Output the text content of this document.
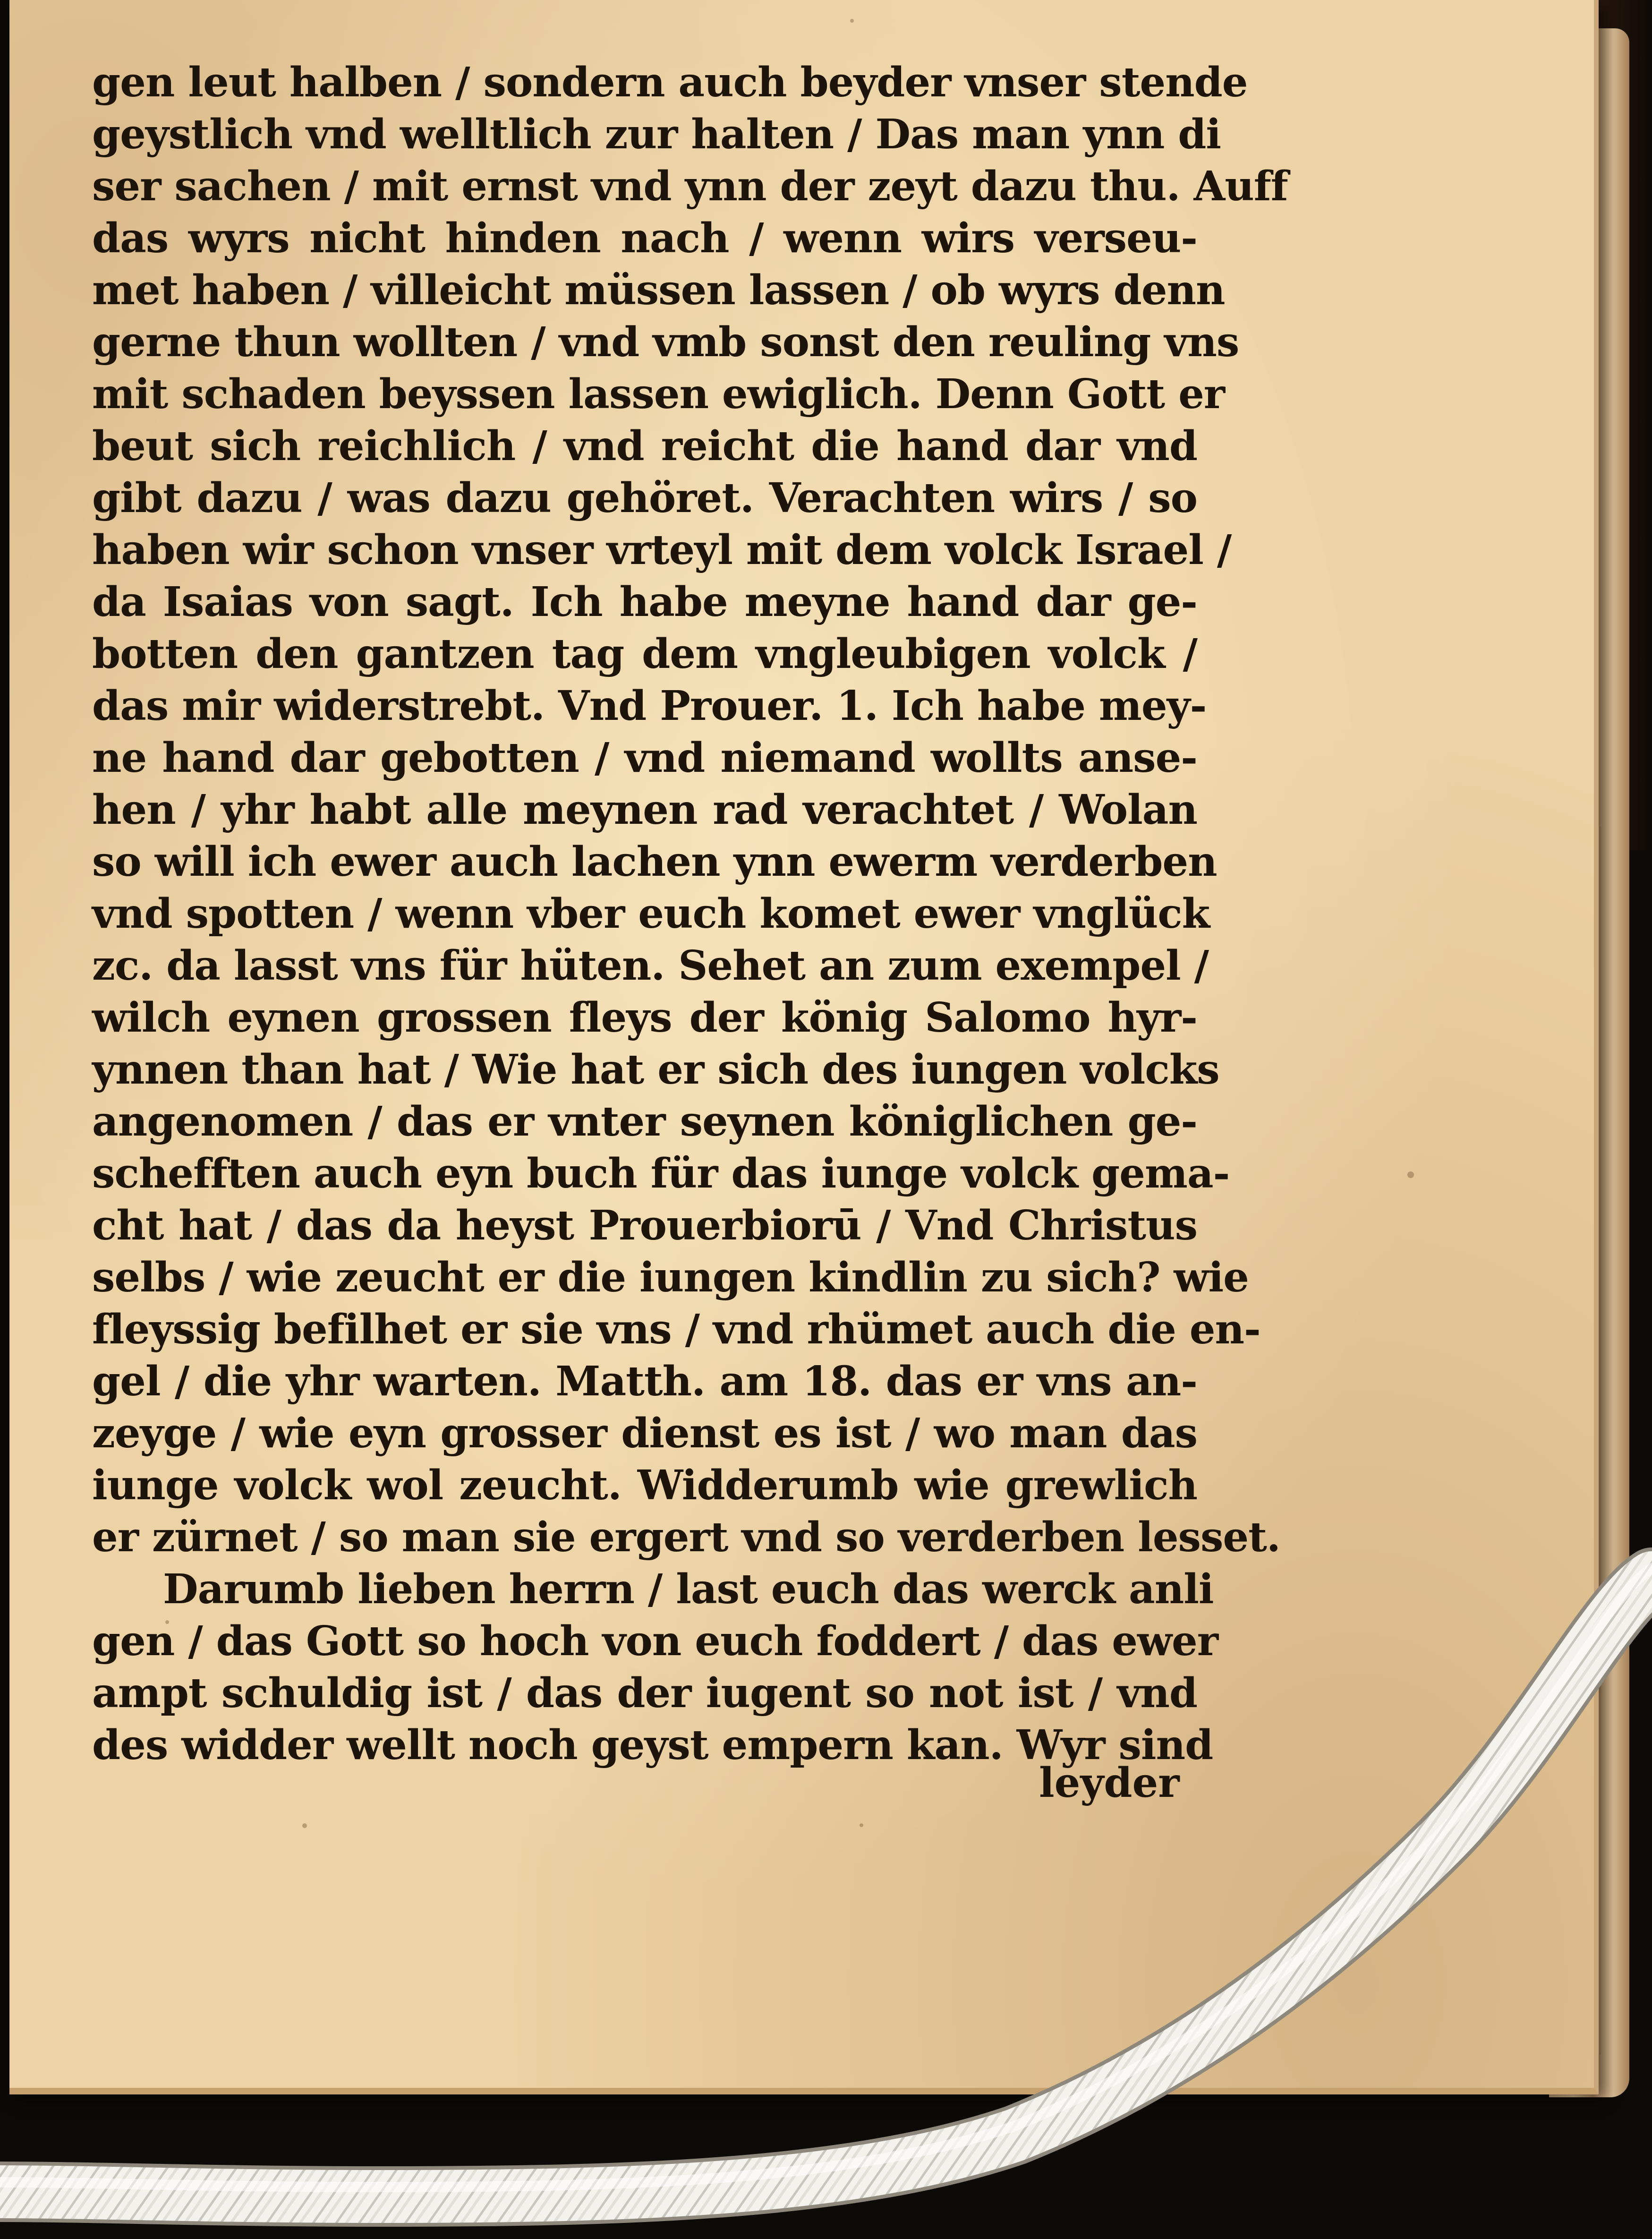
gen leut halben / sondern auch beyder vnser stende
geystlich vnd welltlich zur halten / Das man ynn di
ser sachen / mit ernst vnd ynn der zeyt dazu thu. Auff
das wyrs nicht hinden nach / wenn wirs verseu-
met haben / villeicht müssen lassen / ob wyrs denn
gerne thun wollten / vnd vmb sonst den reuling vns
mit schaden beyssen lassen ewiglich. Denn Gott er
beut sich reichlich / vnd reicht die hand dar vnd
gibt dazu / was dazu gehöret. Verachten wirs / so
haben wir schon vnser vrteyl mit dem volck Israel /
da Isaias von sagt. Ich habe meyne hand dar ge-
botten den gantzen tag dem vngleubigen volck /
das mir widerstrebt. Vnd Prouer. 1. Ich habe mey-
ne hand dar gebotten / vnd niemand wollts anse-
hen / yhr habt alle meynen rad verachtet / Wolan
so will ich ewer auch lachen ynn ewerm verderben
vnd spotten / wenn vber euch komet ewer vnglück
zc. da lasst vns für hüten. Sehet an zum exempel /
wilch eynen grossen fleys der könig Salomo hyr-
ynnen than hat / Wie hat er sich des iungen volcks
angenomen / das er vnter seynen königlichen ge-
schefften auch eyn buch für das iunge volck gema-
cht hat / das da heyst Prouerbiorū / Vnd Christus
selbs / wie zeucht er die iungen kindlin zu sich? wie
fleyssig befilhet er sie vns / vnd rhümet auch die en-
gel / die yhr warten. Matth. am 18. das er vns an-
zeyge / wie eyn grosser dienst es ist / wo man das
iunge volck wol zeucht. Widderumb wie grewlich
er zürnet / so man sie ergert vnd so verderben lesset.
Darumb lieben herrn / last euch das werck anli
gen / das Gott so hoch von euch foddert / das ewer
ampt schuldig ist / das der iugent so not ist / vnd
des widder wellt noch geyst empern kan. Wyr sind
leyder
